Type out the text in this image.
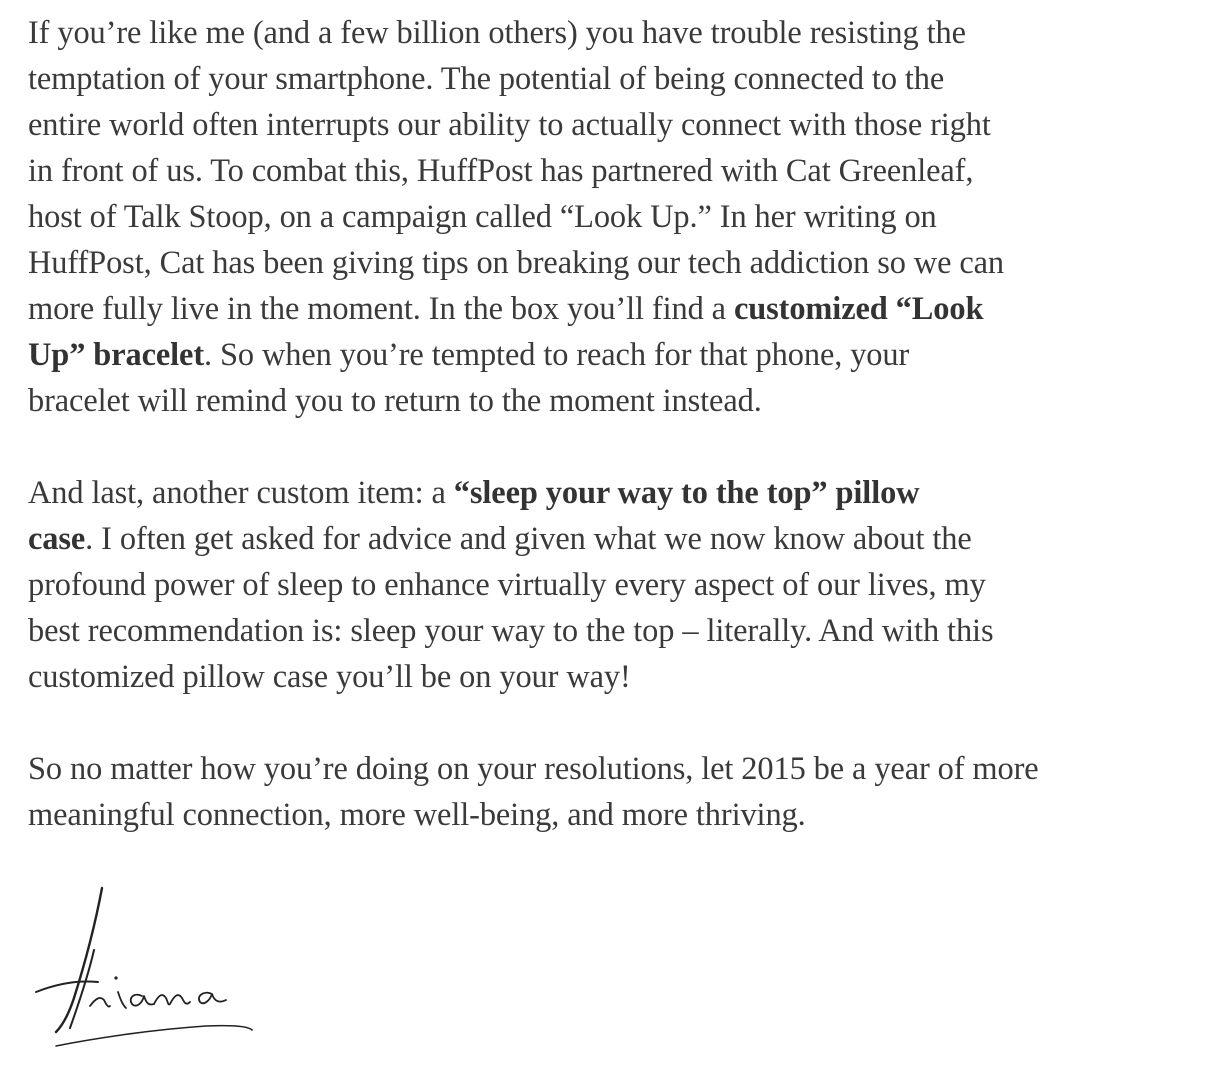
If you’re like me (and a few billion others) you have trouble resisting the
temptation of your smartphone. The potential of being connected to the
entire world often interrupts our ability to actually connect with those right
in front of us. To combat this, HuffPost has partnered with Cat Greenleaf,
host of Talk Stoop, on a campaign called “Look Up.” In her writing on
HuffPost, Cat has been giving tips on breaking our tech addiction so we can
more fully live in the moment. In the box you’ll find a customized “Look
Up” bracelet. So when you’re tempted to reach for that phone, your
bracelet will remind you to return to the moment instead.

And last, another custom item: a “sleep your way to the top” pillow
case. I often get asked for advice and given what we now know about the
profound power of sleep to enhance virtually every aspect of our lives, my
best recommendation is: sleep your way to the top – literally. And with this
customized pillow case you’ll be on your way!

So no matter how you’re doing on your resolutions, let 2015 be a year of more
meaningful connection, more well-being, and more thriving.
